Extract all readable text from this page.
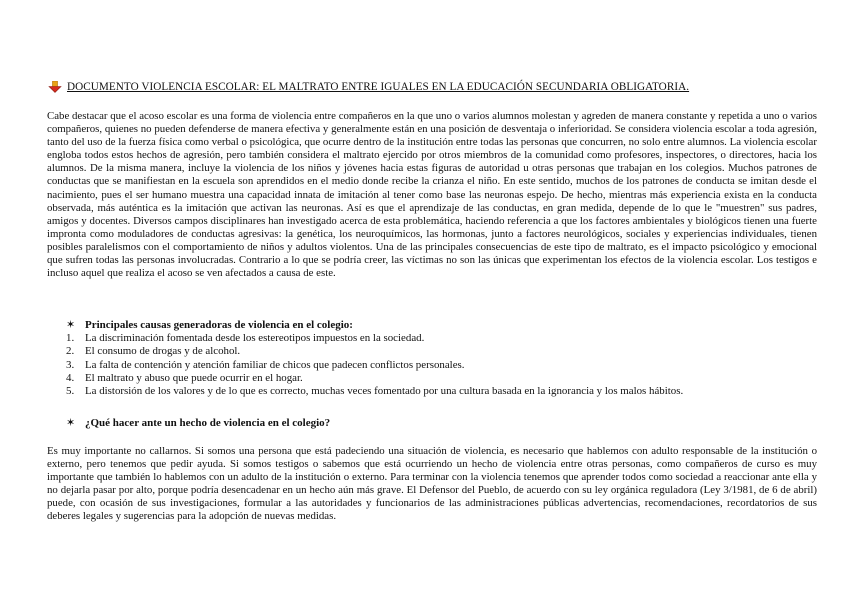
DOCUMENTO VIOLENCIA ESCOLAR: EL MALTRATO ENTRE IGUALES EN LA EDUCACIÓN SECUNDARIA OBLIGATORIA.

Cabe destacar que el acoso escolar es una forma de violencia entre compañeros en la que uno o varios alumnos molestan y agreden de manera constante y repetida a uno o varios compañeros, quienes no pueden defenderse de manera efectiva y generalmente están en una posición de desventaja o inferioridad. Se considera violencia escolar a toda agresión, tanto del uso de la fuerza física como verbal o psicológica, que ocurre dentro de la institución entre todas las personas que concurren, no solo entre alumnos. La violencia escolar engloba todos estos hechos de agresión, pero también considera el maltrato ejercido por otros miembros de la comunidad como profesores, inspectores, o directores, hacia los alumnos. De la misma manera, incluye la violencia de los niños y jóvenes hacia estas figuras de autoridad u otras personas que trabajan en los colegios. Muchos patrones de conductas que se manifiestan en la escuela son aprendidos en el medio donde recibe la crianza el niño. En este sentido, muchos de los patrones de conducta se imitan desde el nacimiento, pues el ser humano muestra una capacidad innata de imitación al tener como base las neuronas espejo. De hecho, mientras más experiencia exista en la conducta observada, más auténtica es la imitación que activan las neuronas. Así es que el aprendizaje de las conductas, en gran medida, depende de lo que le "muestren" sus padres, amigos y docentes. Diversos campos disciplinares han investigado acerca de esta problemática, haciendo referencia a que los factores ambientales y biológicos tienen una fuerte impronta como moduladores de conductas agresivas: la genética, los neuroquímicos, las hormonas, junto a factores neurológicos, sociales y experiencias individuales, tienen posibles paralelismos con el comportamiento de niños y adultos violentos. Una de las principales consecuencias de este tipo de maltrato, es el impacto psicológico y emocional que sufren todas las personas involucradas. Contrario a lo que se podría creer, las víctimas no son las únicas que experimentan los efectos de la violencia escolar. Los testigos e incluso aquel que realiza el acoso se ven afectados a causa de este.

✶ Principales causas generadoras de violencia en el colegio:
1. La discriminación fomentada desde los estereotipos impuestos en la sociedad.
2. El consumo de drogas y de alcohol.
3. La falta de contención y atención familiar de chicos que padecen conflictos personales.
4. El maltrato y abuso que puede ocurrir en el hogar.
5. La distorsión de los valores y de lo que es correcto, muchas veces fomentado por una cultura basada en la ignorancia y los malos hábitos.
✶ ¿Qué hacer ante un hecho de violencia en el colegio?

Es muy importante no callarnos. Si somos una persona que está padeciendo una situación de violencia, es necesario que hablemos con adulto responsable de la institución o externo, pero tenemos que pedir ayuda. Si somos testigos o sabemos que está ocurriendo un hecho de violencia entre otras personas, como compañeros de curso es muy importante que también lo hablemos con un adulto de la institución o externo. Para terminar con la violencia tenemos que aprender todos como sociedad a reaccionar ante ella y no dejarla pasar por alto, porque podría desencadenar en un hecho aún más grave. El Defensor del Pueblo, de acuerdo con su ley orgánica reguladora (Ley 3/1981, de 6 de abril) puede, con ocasión de sus investigaciones, formular a las autoridades y funcionarios de las administraciones públicas advertencias, recomendaciones, recordatorios de sus deberes legales y sugerencias para la adopción de nuevas medidas.
